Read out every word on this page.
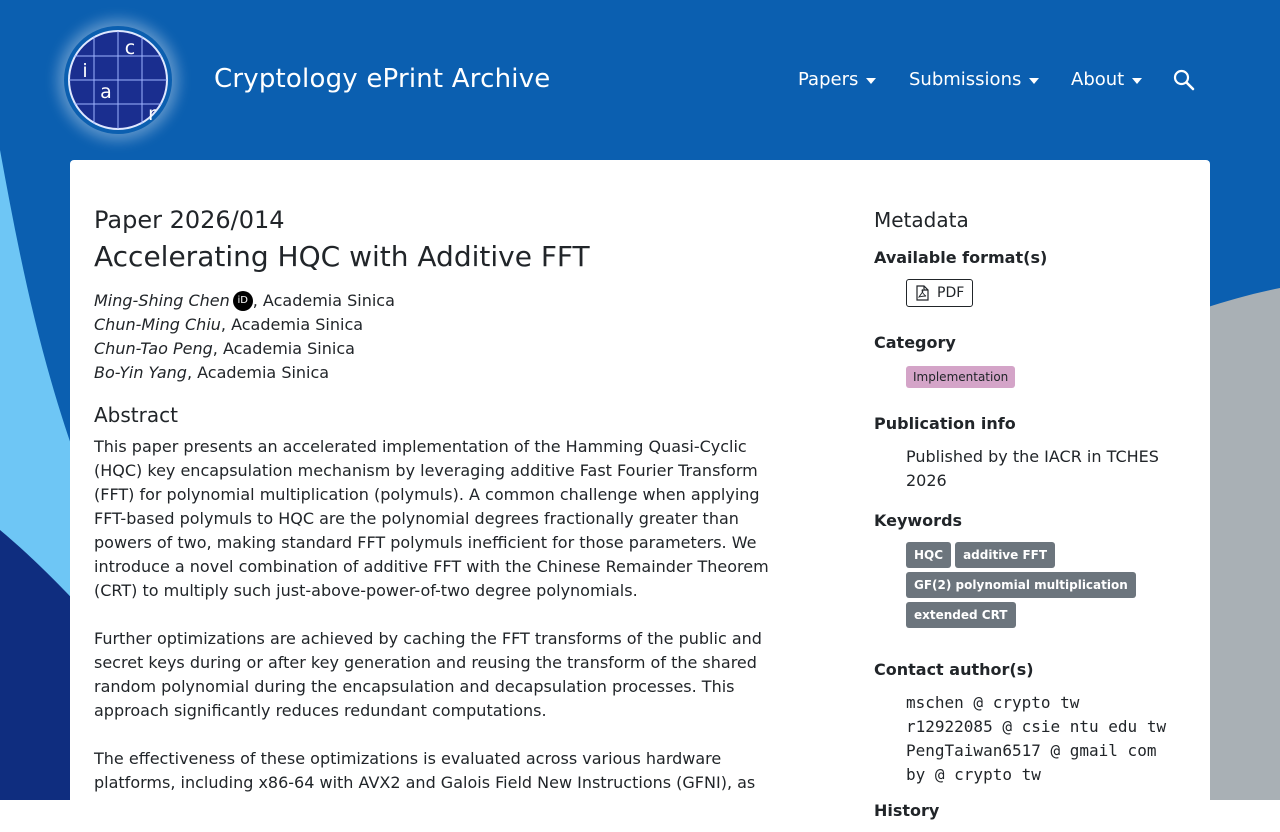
c
i
a
r
Cryptology ePrint Archive	Papers	Submissions	About
Paper 2026/014
Accelerating HQC with Additive FFT
Ming-Shing Chen iD , Academia Sinica
Chun-Ming Chiu, Academia Sinica
Chun-Tao Peng, Academia Sinica
Bo-Yin Yang, Academia Sinica
Abstract

This paper presents an accelerated implementation of the Hamming Quasi-Cyclic (HQC) key encapsulation mechanism by leveraging additive Fast Fourier Transform (FFT) for polynomial multiplication (polymuls). A common challenge when applying FFT-based polymuls to HQC are the polynomial degrees fractionally greater than powers of two, making standard FFT polymuls inefficient for those parameters. We introduce a novel combination of additive FFT with the Chinese Remainder Theorem (CRT) to multiply such just-above-power-of-two degree polynomials.

Further optimizations are achieved by caching the FFT transforms of the public and secret keys during or after key generation and reusing the transform of the shared random polynomial during the encapsulation and decapsulation processes. This approach significantly reduces redundant computations.

The effectiveness of these optimizations is evaluated across various hardware platforms, including x86-64 with AVX2 and Galois Field New Instructions (GFNI), as

Metadata
Available format(s)
PDF
Category
Implementation
Publication info
Published by the IACR in TCHES 2026
Keywords
HQC additive FFT
GF(2) polynomial multiplication
extended CRT
Contact author(s)
mschen @ crypto tw
r12922085 @ csie ntu edu tw
PengTaiwan6517 @ gmail com
by @ crypto tw
History
